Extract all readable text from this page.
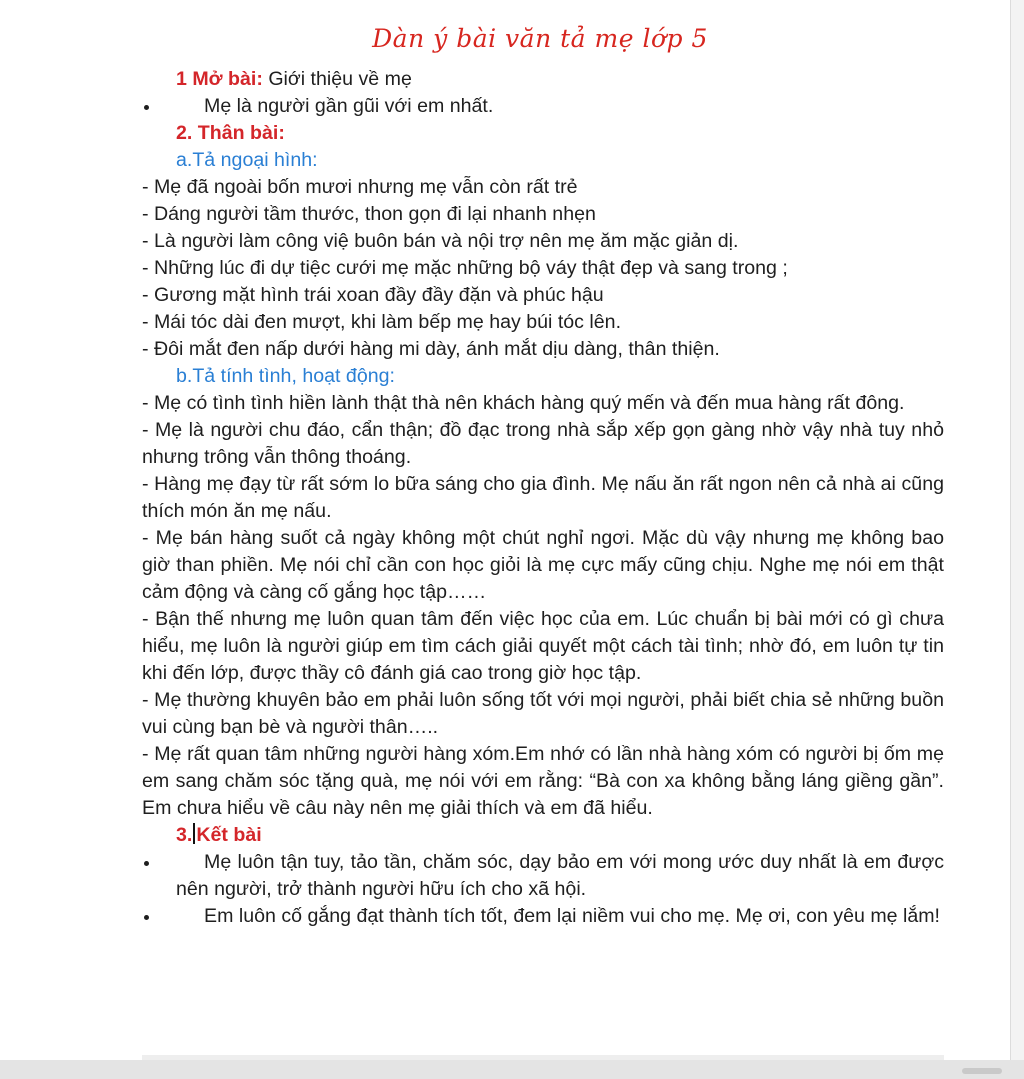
Dàn ý bài văn tả mẹ lớp 5
1 Mở bài: Giới thiệu về mẹ
Mẹ là người gần gũi với em nhất.
2. Thân bài:
a.Tả ngoại hình:
- Mẹ đã ngoài bốn mươi nhưng mẹ vẫn còn rất trẻ
- Dáng người tầm thước, thon gọn đi lại nhanh nhẹn
- Là người làm công việ buôn bán và nội trợ nên mẹ ăm mặc giản dị.
- Những lúc đi dự tiệc cưới mẹ mặc những bộ váy thật đẹp và sang trong ;
- Gương mặt hình trái xoan đầy đầy đặn và phúc hậu
- Mái tóc dài đen mượt, khi làm bếp mẹ hay búi tóc lên.
- Đôi mắt đen nấp dưới hàng mi dày, ánh mắt dịu dàng, thân thiện.
b.Tả tính tình, hoạt động:
- Mẹ có tình tình hiền lành thật thà nên khách hàng quý mến và đến mua hàng rất đông.
- Mẹ là người chu đáo, cẩn thận; đồ đạc trong nhà sắp xếp gọn gàng nhờ vậy nhà tuy nhỏ nhưng trông vẫn thông thoáng.
- Hàng mẹ đạy từ rất sớm lo bữa sáng cho gia đình. Mẹ nấu ăn rất ngon nên cả nhà ai cũng thích món ăn mẹ nấu.
- Mẹ bán hàng suốt cả ngày không một chút nghỉ ngơi. Mặc dù vậy nhưng mẹ không bao giờ than phiền. Mẹ nói chỉ cần con học giỏi là mẹ cực mấy cũng chịu. Nghe mẹ nói em thật cảm động và càng cố gắng học tập……
- Bận thế nhưng mẹ luôn quan tâm đến việc học của em. Lúc chuẩn bị bài mới có gì chưa hiểu, mẹ luôn là người giúp em tìm cách giải quyết một cách tài tình; nhờ đó, em luôn tự tin khi đến lớp, được thầy cô đánh giá cao trong giờ học tập.
- Mẹ thường khuyên bảo em phải luôn sống tốt với mọi người, phải biết chia sẻ những buồn vui cùng bạn bè và người thân…..
- Mẹ rất quan tâm những người hàng xóm.Em nhớ có lần nhà hàng xóm có người bị ốm mẹ em sang chăm sóc tặng quà, mẹ nói với em rằng: “Bà con xa không bằng láng giềng gần”. Em chưa hiểu về câu này nên mẹ giải thích và em đã hiểu.
3. Kết bài
Mẹ luôn tận tuy, tảo tần, chăm sóc, dạy bảo em với mong ước duy nhất là em được nên người, trở thành người hữu ích cho xã hội.
Em luôn cố gắng đạt thành tích tốt, đem lại niềm vui cho mẹ. Mẹ ơi, con yêu mẹ lắm!
